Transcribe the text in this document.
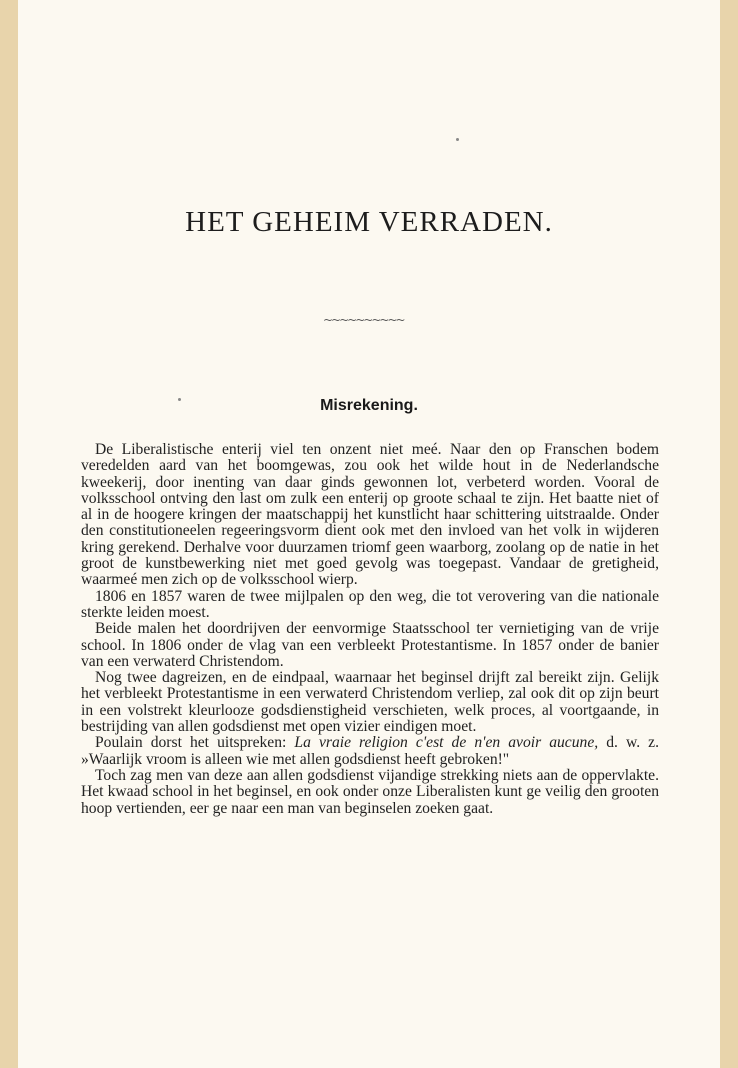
HET GEHEIM VERRADEN.
~~~~~~~~~~
Misrekening.

De Liberalistische enterij viel ten onzent niet meé. Naar den op Franschen bodem veredelden aard van het boomgewas, zou ook het wilde hout in de Nederlandsche kweekerij, door inenting van daar ginds gewonnen lot, verbeterd worden. Vooral de volksschool ontving den last om zulk een enterij op groote schaal te zijn. Het baatte niet of al in de hoogere kringen der maatschappij het kunstlicht haar schittering uitstraalde. Onder den constitutioneelen regeeringsvorm dient ook met den invloed van het volk in wijderen kring gerekend. Derhalve voor duurzamen triomf geen waarborg, zoolang op de natie in het groot de kunstbewerking niet met goed gevolg was toegepast. Vandaar de gretigheid, waarmeé men zich op de volksschool wierp.

1806 en 1857 waren de twee mijlpalen op den weg, die tot verovering van die nationale sterkte leiden moest.

Beide malen het doordrijven der eenvormige Staatsschool ter vernietiging van de vrije school. In 1806 onder de vlag van een verbleekt Protestantisme. In 1857 onder de banier van een verwaterd Christendom.

Nog twee dagreizen, en de eindpaal, waarnaar het beginsel drijft zal bereikt zijn. Gelijk het verbleekt Protestantisme in een verwaterd Christendom verliep, zal ook dit op zijn beurt in een volstrekt kleurlooze godsdienstigheid verschieten, welk proces, al voortgaande, in bestrijding van allen godsdienst met open vizier eindigen moet.

Poulain dorst het uitspreken: La vraie religion c'est de n'en avoir aucune, d. w. z. »Waarlijk vroom is alleen wie met allen godsdienst heeft gebroken!"

Toch zag men van deze aan allen godsdienst vijandige strekking niets aan de oppervlakte. Het kwaad school in het beginsel, en ook onder onze Liberalisten kunt ge veilig den grooten hoop vertienden, eer ge naar een man van beginselen zoeken gaat.
